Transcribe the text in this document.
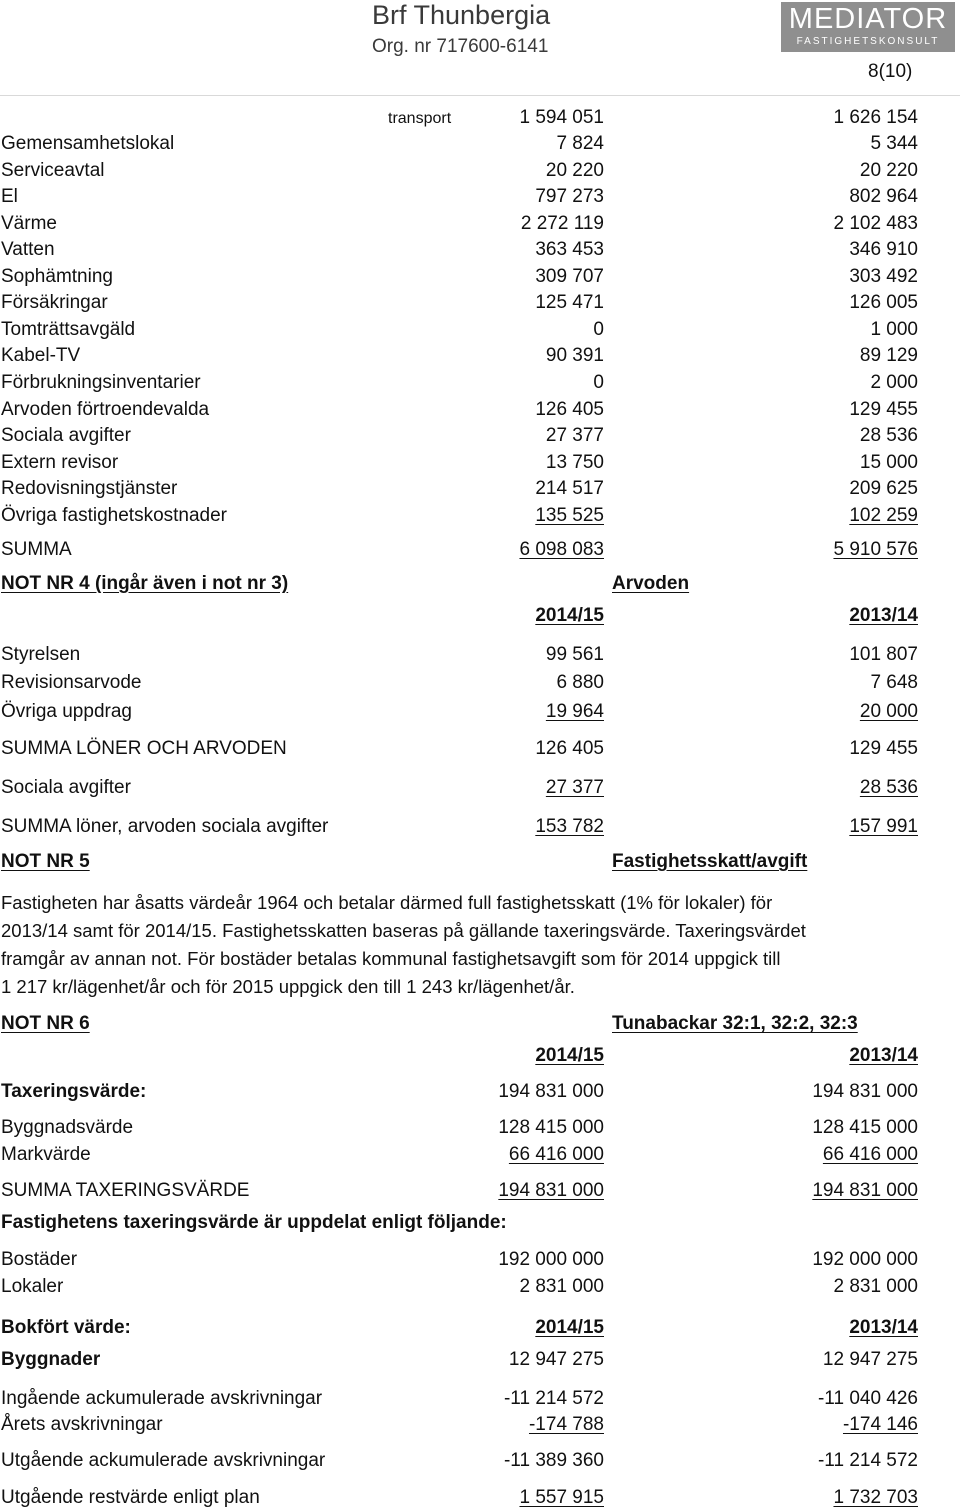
Brf Thunbergia
Org. nr 717600-6141
MEDIATOR
FASTIGHETSKONSULT
8(10)
transport	1 594 051	1 626 154
Gemensamhetslokal	7 824	5 344
Serviceavtal	20 220	20 220
El	797 273	802 964
Värme	2 272 119	2 102 483
Vatten	363 453	346 910
Sophämtning	309 707	303 492
Försäkringar	125 471	126 005
Tomträttsavgäld	0	1 000
Kabel-TV	90 391	89 129
Förbrukningsinventarier	0	2 000
Arvoden förtroendevalda	126 405	129 455
Sociala avgifter	27 377	28 536
Extern revisor	13 750	15 000
Redovisningstjänster	214 517	209 625
Övriga fastighetskostnader	135 525	102 259
SUMMA	6 098 083	5 910 576
NOT NR 4 (ingår även i not nr 3)	Arvoden
2014/15	2013/14
Styrelsen	99 561	101 807
Revisionsarvode	6 880	7 648
Övriga uppdrag	19 964	20 000
SUMMA LÖNER OCH ARVODEN	126 405	129 455
Sociala avgifter	27 377	28 536
SUMMA löner, arvoden sociala avgifter	153 782	157 991
NOT NR 5	Fastighetsskatt/avgift
Fastigheten har åsatts värdeår 1964 och betalar därmed full fastighetsskatt (1% för lokaler) för
2013/14 samt för 2014/15. Fastighetsskatten baseras på gällande taxeringsvärde. Taxeringsvärdet
framgår av annan not. För bostäder betalas kommunal fastighetsavgift som för 2014 uppgick till
1 217 kr/lägenhet/år och för 2015 uppgick den till 1 243 kr/lägenhet/år.
NOT NR 6	Tunabackar 32:1, 32:2, 32:3
2014/15	2013/14
Taxeringsvärde:	194 831 000	194 831 000
Byggnadsvärde	128 415 000	128 415 000
Markvärde	66 416 000	66 416 000
SUMMA TAXERINGSVÄRDE	194 831 000	194 831 000
Fastighetens taxeringsvärde är uppdelat enligt följande:
Bostäder	192 000 000	192 000 000
Lokaler	2 831 000	2 831 000
Bokfört värde:	2014/15	2013/14
Byggnader	12 947 275	12 947 275
Ingående ackumulerade avskrivningar	-11 214 572	-11 040 426
Årets avskrivningar	-174 788	-174 146
Utgående ackumulerade avskrivningar	-11 389 360	-11 214 572
Utgående restvärde enligt plan	1 557 915	1 732 703
